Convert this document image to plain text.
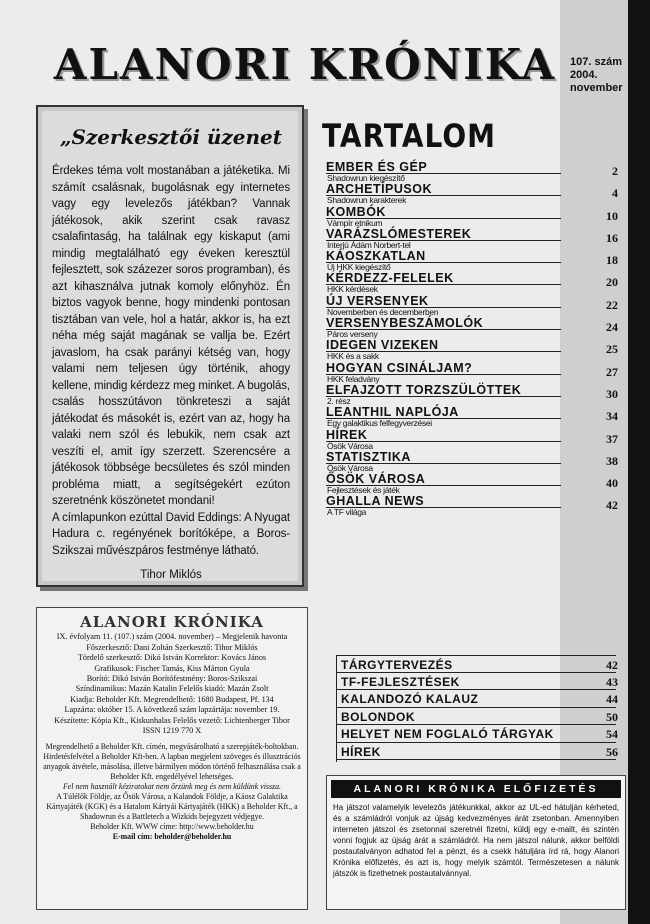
ALANORI KRÓNIKA	107. szám
2004.
november
„Szerkesztői üzenet

Érdekes téma volt mostanában a játéketika. Mi számít csalásnak, bugolásnak egy internetes vagy egy levelezős játékban? Vannak játékosok, akik szerint csak ravasz csalafintaság, ha találnak egy kiskaput (ami mindig megtalálható egy éveken keresztül fejlesztett, sok százezer soros programban), és azt kihasználva jutnak komoly előnyhöz. Én biztos vagyok benne, hogy mindenki pontosan tisztában van vele, hol a határ, akkor is, ha ezt néha még saját magának se vallja be. Ezért javaslom, ha csak parányi kétség van, hogy valami nem teljesen úgy történik, ahogy kellene, mindig kérdezz meg minket. A bugolás, csalás hosszútávon tönkreteszi a saját játékodat és másokét is, ezért van az, hogy ha valaki nem szól és lebukik, nem csak azt veszíti el, amit így szerzett. Szerencsére a játékosok többsége becsületes és szól minden probléma miatt, a segítségekért ezúton szeretnénk köszönetet mondani!

A címlapunkon ezúttal David Eddings: A Nyugat Hadura c. regényének borítóképe, a Boros-Szikszai művészpáros festménye látható.

Tihor Miklós
ALANORI KRÓNIKA
IX. évfolyam 11. (107.) szám (2004. november) – Megjelenik havonta
Főszerkesztő: Dani Zoltán Szerkesztő: Tihor Miklós
Tördelő szerkesztő: Dikó István Korrektor: Kovács János
Grafikusok: Fischer Tamás, Kiss Márton Gyula
Borító: Dikó István Borítófestmény: Boros-Szikszai
Színdinamikus: Mazán Katalin Felelős kiadó: Mazán Zsolt
Kiadja: Beholder Kft. Megrendelhető: 1680 Budapest, Pf. 134
Lapzárta: október 15. A következő szám lapzártája: november 19.
Készítette: Kópia Kft., Kiskunhalas Felelős vezető: Lichtenberger Tibor
ISSN 1219 770 X

Megrendelhető a Beholder Kft. címén, megvásárolható a szerepjáték-boltokban. Hirdetésfelvétel a Beholder Kft-ben. A lapban megjelent szöveges és illusztrációs anyagok átvétele, másolása, illetve bármilyen módon történő felhasználása csak a Beholder Kft. engedélyével lehetséges.

Fel nem használt kéziratokat nem őrzünk meg és nem küldünk vissza.

A Túlélők Földje, az Ősök Városa, a Kalandok Földje, a Káosz Galaktika Kártyajáték (KGK) és a Hatalom Kártyái Kártyajáték (HKK) a Beholder Kft., a Shadowrun és a Battletech a Wizkids bejegyzett védjegye.

Beholder Kft. WWW címe: http://www.beholder.hu

E-mail cím: beholder@beholder.hu

TARTALOM
EMBER ÉS GÉP
Shadowrun kiegészítő	2
ARCHETÍPUSOK
Shadowrun karakterek	4
KOMBÓK
Vámpír etnikum	10
VARÁZSLÓMESTEREK
Interjú Ádám Norbert-tel	16
KÁOSZKATLAN
Új HKK kiegészítő	18
KÉRDEZZ-FELELEK
HKK kérdések	20
ÚJ VERSENYEK
Novemberben és decemberben	22
VERSENYBESZÁMOLÓK
Páros verseny	24
IDEGEN VIZEKEN
HKK és a sakk	25
HOGYAN CSINÁLJAM?
HKK feladvány	27
ELFAJZOTT TORZSZÜLÖTTEK
2. rész	30
LEANTHIL NAPLÓJA
Egy galaktikus felfegyverzései	34
HÍREK
Ősök Városa	37
STATISZTIKA
Ősök Városa	38
ŐSÖK VÁROSA
Fejlesztések és játék	40
GHALLA NEWS
A TF világa	42
TÁRGYTERVEZÉS	42
TF-FEJLESZTÉSEK	43
KALANDOZÓ KALAUZ	44
BOLONDOK	50
HELYET NEM FOGLALÓ TÁRGYAK	54
HÍREK	56
ALANORI KRÓNIKA ELŐFIZETÉS

Ha játszol valamelyik levelezős játékunkkal, akkor az UL-ed hátulján kérheted, és a számládról vonjuk az újság kedvezményes árát zsetonban. Amennyiben interneten játszol és zsetonnal szeretnél fizetni, küldj egy e-mailt, és szintén vonni fogjuk az újság árát a számládról. Ha nem játszol nálunk, akkor belföldi postautalványon adhatod fel a pénzt, és a csekk hátuljára írd rá, hogy Alanori Krónika előfizetés, és azt is, hogy melyik számtól. Természetesen a nálunk játszók is fizethetnek postautalvánnyal.
